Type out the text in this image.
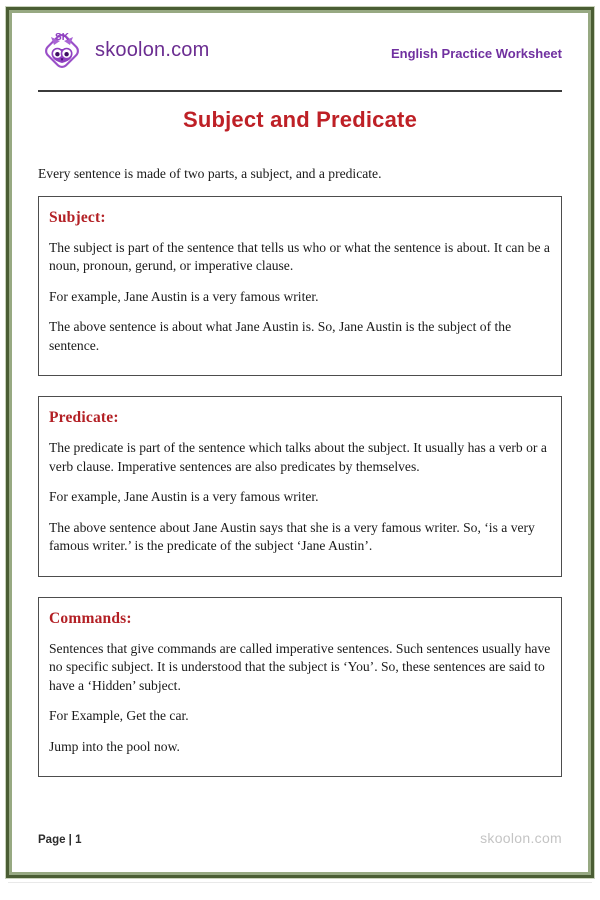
SK
skoolon.com	English Practice Worksheet
Subject and Predicate

Every sentence is made of two parts, a subject, and a predicate.

Subject:

The subject is part of the sentence that tells us who or what the sentence is about. It can be a noun, pronoun, gerund, or imperative clause.

For example, Jane Austin is a very famous writer.

The above sentence is about what Jane Austin is. So, Jane Austin is the subject of the sentence.

Predicate:

The predicate is part of the sentence which talks about the subject. It usually has a verb or a verb clause. Imperative sentences are also predicates by themselves.

For example, Jane Austin is a very famous writer.

The above sentence about Jane Austin says that she is a very famous writer. So, ‘is a very famous writer.’ is the predicate of the subject ‘Jane Austin’.

Commands:

Sentences that give commands are called imperative sentences. Such sentences usually have no specific subject. It is understood that the subject is ‘You’. So, these sentences are said to have a ‘Hidden’ subject.

For Example, Get the car.

Jump into the pool now.

Page | 1	skoolon.com
